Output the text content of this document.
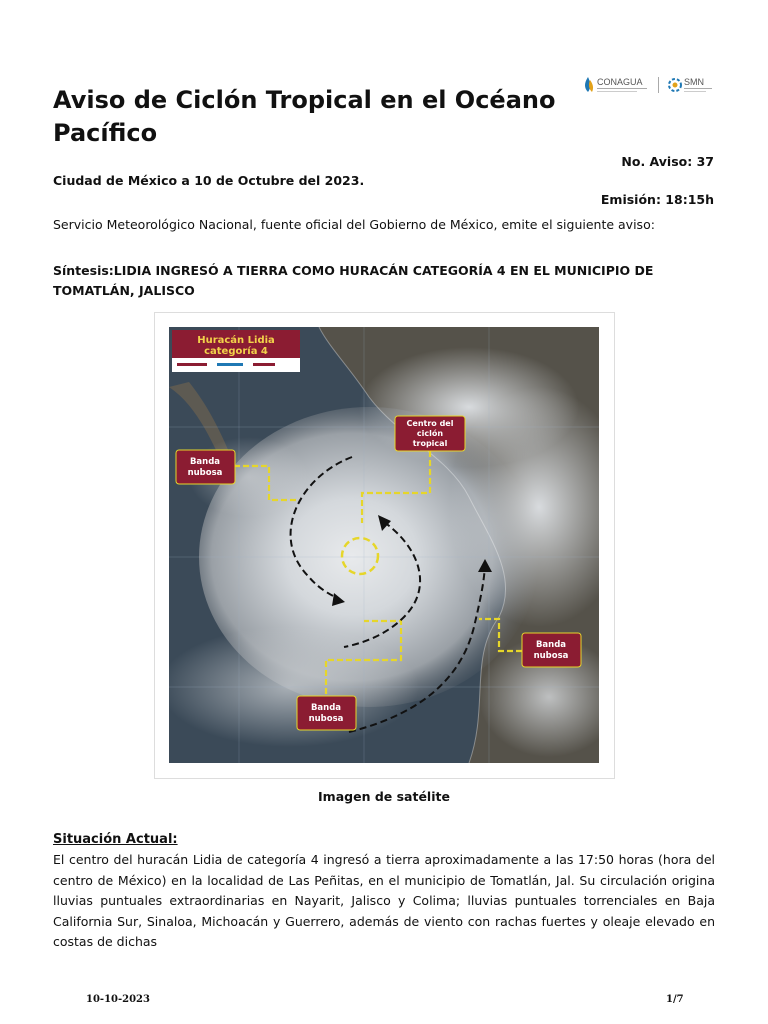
Aviso de Ciclón Tropical en el Océano Pacífico
CONAGUA	SMN
No. Aviso: 37
Ciudad de México a 10 de Octubre del 2023.
Emisión: 18:15h
Servicio Meteorológico Nacional, fuente oficial del Gobierno de México, emite el siguiente aviso:
Síntesis:LIDIA INGRESÓ A TIERRA COMO HURACÁN CATEGORÍA 4 EN EL MUNICIPIO DE TOMATLÁN, JALISCO
Huracán Lidia
categoría 4
Centro del
ciclón
tropical
Banda
nubosa
Banda
nubosa
Banda
nubosa
Imagen de satélite
Situación Actual:
El centro del huracán Lidia de categoría 4 ingresó a tierra aproximadamente a las 17:50 horas (hora del centro de México) en la localidad de Las Peñitas, en el municipio de Tomatlán, Jal. Su circulación origina lluvias puntuales extraordinarias en Nayarit, Jalisco y Colima; lluvias puntuales torrenciales en Baja California Sur, Sinaloa, Michoacán y Guerrero, además de viento con rachas fuertes y oleaje elevado en costas de dichas
10-10-2023	1/7
